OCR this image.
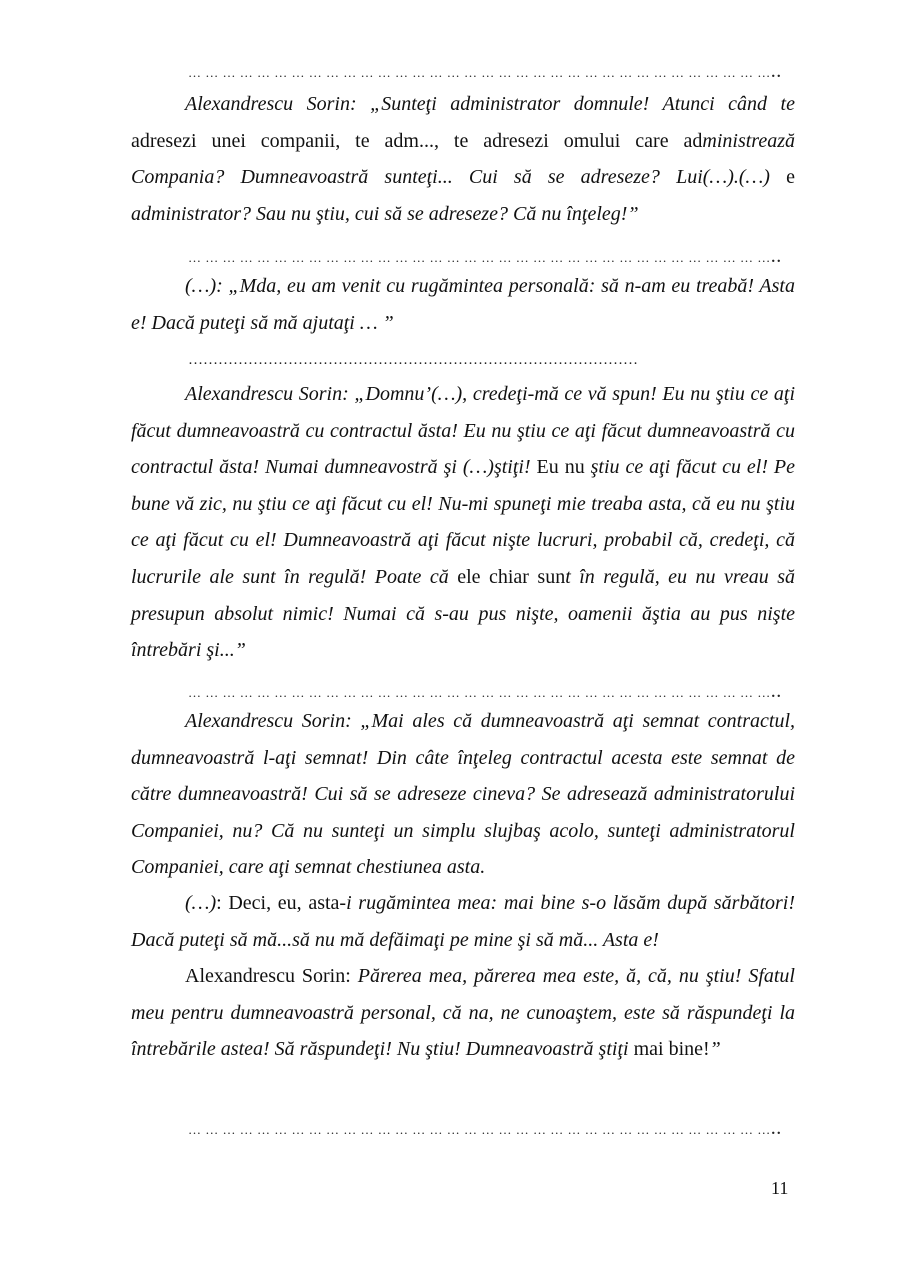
… … … … … … … … … … … … … … … … … … … … … … … … … … … … … … … … … …..
Alexandrescu Sorin: „Sunteţi administrator domnule! Atunci când te adresezi unei companii, te adm..., te adresezi omului care administrează Compania? Dumneavoastră sunteţi... Cui să se adreseze? Lui(…).(…) e administrator? Sau nu ştiu, cui să se adreseze? Că nu înţeleg!”
… … … … … … … … … … … … … … … … … … … … … … … … … … … … … … … … … …..
(…): „Mda, eu am venit cu rugămintea personală: să n-am eu treabă! Asta e! Dacă puteţi să mă ajutaţi … ”
………………………………………………………………………………
Alexandrescu Sorin: „Domnu’(…), credeţi-mă ce vă spun! Eu nu ştiu ce aţi făcut dumneavoastră cu contractul ăsta! Eu nu ştiu ce aţi făcut dumneavoastră cu contractul ăsta! Numai dumneavostră şi (…)ştiţi! Eu nu ştiu ce aţi făcut cu el! Pe bune vă zic, nu ştiu ce aţi făcut cu el! Nu-mi spuneţi mie treaba asta, că eu nu ştiu ce aţi făcut cu el! Dumneavoastră aţi făcut nişte lucruri, probabil că, credeţi, că lucrurile ale sunt în regulă! Poate că ele chiar sunt în regulă, eu nu vreau să presupun absolut nimic! Numai că s-au pus nişte, oamenii ăştia au pus nişte întrebări şi...”
… … … … … … … … … … … … … … … … … … … … … … … … … … … … … … … … … …..
Alexandrescu Sorin: „Mai ales că dumneavoastră aţi semnat contractul, dumneavoastră l-aţi semnat! Din câte înţeleg contractul acesta este semnat de către dumneavoastră! Cui să se adreseze cineva? Se adresează administratorului Companiei, nu? Că nu sunteţi un simplu slujbaş acolo, sunteţi administratorul Companiei, care aţi semnat chestiunea asta.
(…): Deci, eu, asta-i rugămintea mea: mai bine s-o lăsăm după sărbători! Dacă puteţi să mă...să nu mă defăimaţi pe mine şi să mă... Asta e!
Alexandrescu Sorin: Părerea mea, părerea mea este, ă, că, nu ştiu! Sfatul meu pentru dumneavoastră personal, că na, ne cunoaştem, este să răspundeţi la întrebările astea! Să răspundeţi! Nu ştiu! Dumneavoastră ştiţi mai bine!”
… … … … … … … … … … … … … … … … … … … … … … … … … … … … … … … … … …..
11
